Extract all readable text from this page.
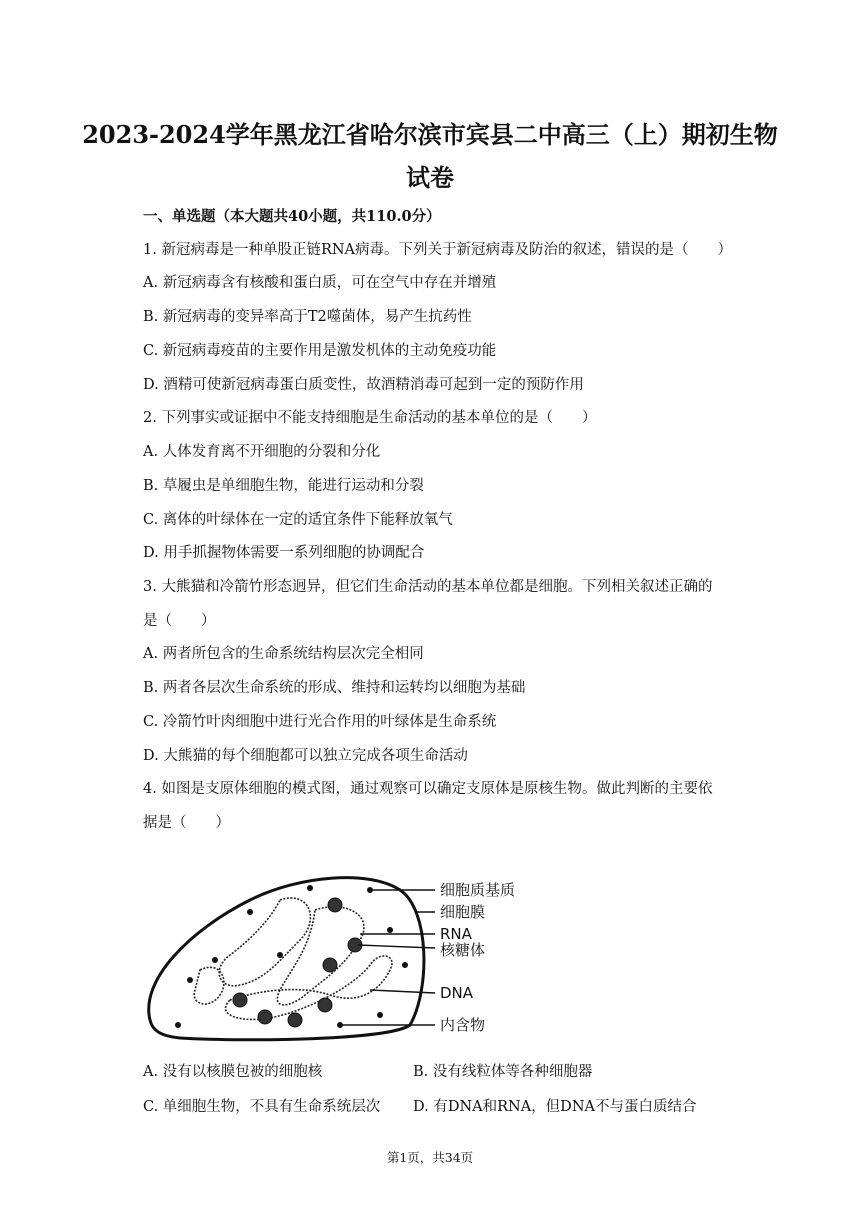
2023-2024学年黑龙江省哈尔滨市宾县二中高三（上）期初生物
试卷
一、单选题（本大题共40小题，共110.0分）
1. 新冠病毒是一种单股正链RNA病毒。下列关于新冠病毒及防治的叙述，错误的是（　　）
A. 新冠病毒含有核酸和蛋白质，可在空气中存在并增殖
B. 新冠病毒的变异率高于T2噬菌体，易产生抗药性
C. 新冠病毒疫苗的主要作用是激发机体的主动免疫功能
D. 酒精可使新冠病毒蛋白质变性，故酒精消毒可起到一定的预防作用
2. 下列事实或证据中不能支持细胞是生命活动的基本单位的是（　　）
A. 人体发育离不开细胞的分裂和分化
B. 草履虫是单细胞生物，能进行运动和分裂
C. 离体的叶绿体在一定的适宜条件下能释放氧气
D. 用手抓握物体需要一系列细胞的协调配合
3. 大熊猫和冷箭竹形态迥异，但它们生命活动的基本单位都是细胞。下列相关叙述正确的
是（　　）
A. 两者所包含的生命系统结构层次完全相同
B. 两者各层次生命系统的形成、维持和运转均以细胞为基础
C. 冷箭竹叶肉细胞中进行光合作用的叶绿体是生命系统
D. 大熊猫的每个细胞都可以独立完成各项生命活动
4. 如图是支原体细胞的模式图，通过观察可以确定支原体是原核生物。做此判断的主要依
据是（　　）
细胞质基质
细胞膜
RNA
核糖体
DNA
内含物
A. 没有以核膜包被的细胞核	B. 没有线粒体等各种细胞器
C. 单细胞生物，不具有生命系统层次 D. 有DNA和RNA，但DNA不与蛋白质结合
第1页，共34页
